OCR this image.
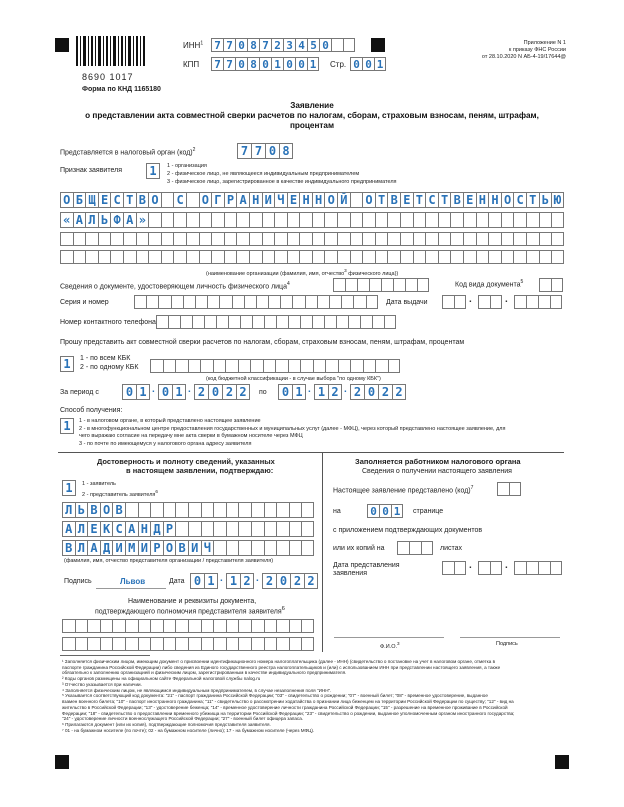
8690 1017
Форма по КНД 1165180
ИНН$^1$ 7 7 0 8 7 2 3 4 5 0
КПП 7 7 0 8 0 1 0 0 1	Стр. 0 0 1
Приложение N 1
к приказу ФНС России
от 28.10.2020 N АБ-4-19/17644@
Заявление
о представлении акта совместной сверки расчетов по налогам, сборам, страховым взносам, пеням, штрафам,
процентам
Представляется в налоговый орган (код)$^2$	7 7 0 8
Признак заявителя 1	1 - организация
2 - физическое лицо, не являющееся индивидуальным предпринимателем
3 - физическое лицо, зарегистрированное в качестве индивидуального предпринимателя
О Б Щ Е С Т В О С О Г Р А Н И Ч Е Н Н О Й О Т В Е Т С Т В Е Н Н О С Т Ь Ю
« А Л Ь Ф А »
(наименование организации (фамилия, имя, отчество$^3$ физического лица))
Сведения о документе, удостоверяющем личность физического лица$^4$	Код вида документа$^5$
Серия и номер	Дата выдачи	.	.
Номер контактного телефона
Прошу представить акт совместной сверки расчетов по налогам, сборам, страховым взносам, пеням, штрафам, процентам
1	1 - по всем КБК
2 - по одному КБК
(код бюджетной классификации - в случае выбора "по одному КБК")
За период с	0 1 . 0 1 . 2 0 2 2	по	0 1 . 1 2 . 2 0 2 2
Способ получения:
1	1 - в налоговом органе, в который представлено настоящее заявление
2 - в многофункциональном центре предоставления государственных и муниципальных услуг (далее - МФЦ), через который представлено настоящее заявление, для
чего выражаю согласие на передачу мне акта сверки в бумажном носителе через МФЦ
3 - по почте по имеющемуся у налогового органа адресу заявителя
Достоверность и полноту сведений, указанных
в настоящем заявлении, подтверждаю:
1	1 - заявитель
2 - представитель заявителя$^6$
Л Ь В О В
А Л Е К С А Н Д Р
В Л А Д И М И Р О В И Ч
(фамилия, имя, отчество представителя организации / представителя заявителя)
Подпись	Львов	Дата 0 1 . 1 2 . 2 0 2 2
Наименование и реквизиты документа,
подтверждающего полномочия представителя заявителя$^6$
Заполняется работником налогового органа
Сведения о получении настоящего заявления
Настоящее заявление представлено (код)$^7$
на	0 0 1	странице
с приложением подтверждающих документов
или их копий на	листах
Дата представления заявления
.	.
Ф.И.О.$^3$	Подпись
¹ Заполняется физическим лицом, имеющим документ о присвоении идентификационного номера налогоплательщика (далее - ИНН) (свидетельство о постановке на учет в налоговом органе, отметка в
паспорте гражданина Российской Федерации) либо сведения из Единого государственного реестра налогоплательщиков и (или) с использованием ИНН при представлении настоящего заявления, а также
обязательно к заполнению организацией и физическим лицом, зарегистрированным в качестве индивидуального предпринимателя.
² Коды органов размещены на официальном сайте Федеральной налоговой службы nalog.ru
³ Отчество указывается при наличии.
⁴ Заполняется физическим лицом, не являющимся индивидуальным предпринимателем, в случае незаполнения поля "ИНН".
⁵ Указывается соответствующий код документа: "21" - паспорт гражданина Российской Федерации; "03" - свидетельство о рождении; "07" - военный билет; "08" - временное удостоверение, выданное
взамен военного билета; "10" - паспорт иностранного гражданина; "11" - свидетельство о рассмотрении ходатайства о признании лица беженцем на территории Российской Федерации по существу; "12" - вид на
жительство в Российской Федерации; "13" - удостоверение беженца; "14" - временное удостоверение личности гражданина Российской Федерации; "15" - разрешение на временное проживание в Российской
Федерации; "18" - свидетельство о предоставлении временного убежища на территории Российской Федерации; "23" - свидетельство о рождении, выданное уполномоченным органом иностранного государства;
"24" - удостоверение личности военнослужащего Российской Федерации; "27" - военный билет офицера запаса.
⁶ Прилагаются документ (или их копия), подтверждающие полномочия представителя заявителя.
⁷ 01 - на бумажном носителе (по почте); 02 - на бумажном носителе (лично); 17 - на бумажном носителе (через МФЦ).
